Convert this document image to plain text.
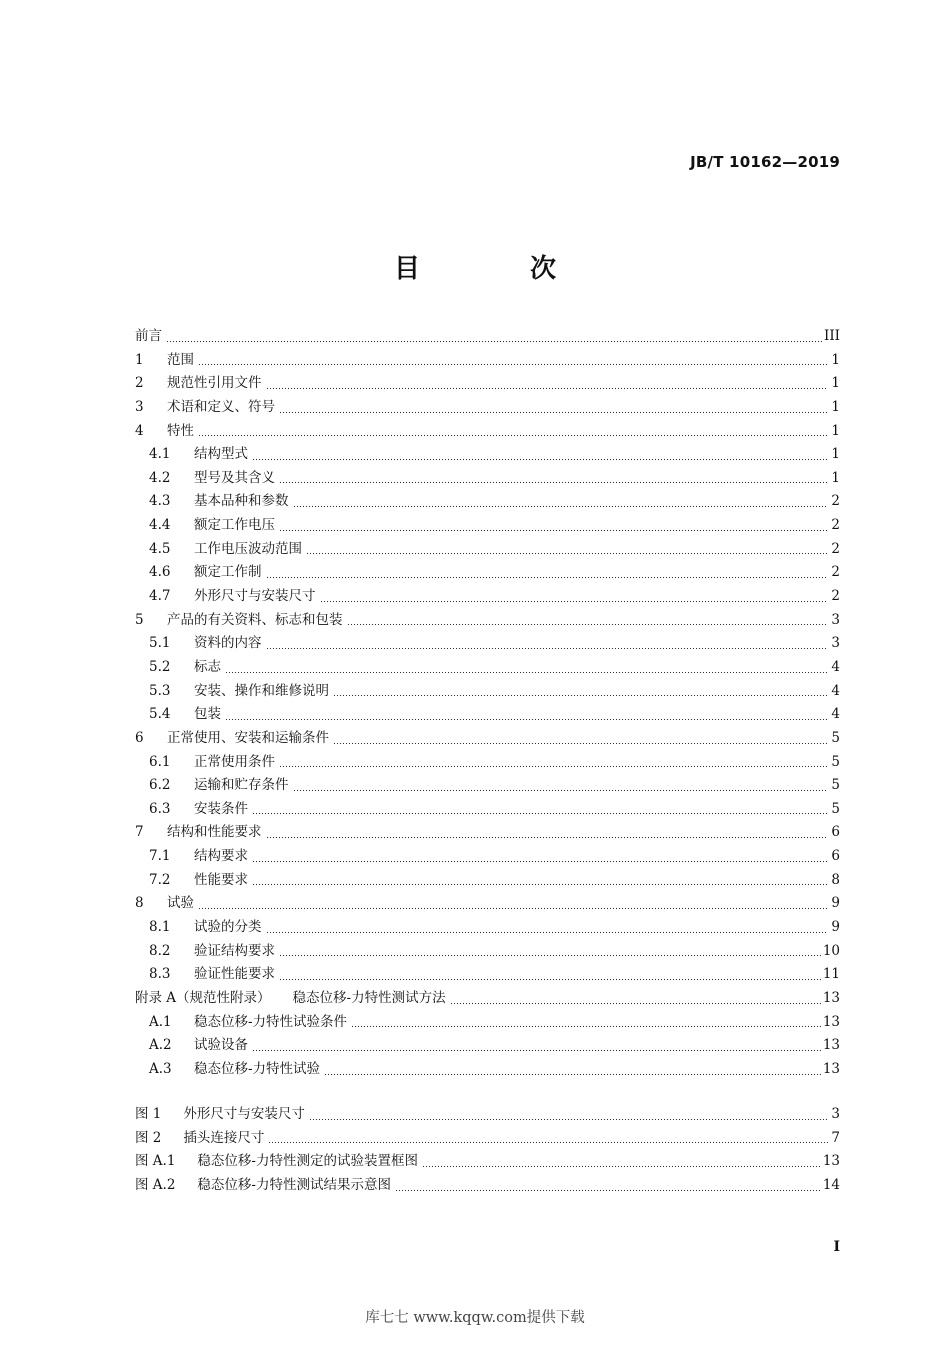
JB/T 10162—2019
目　次
前言	III
1	范围	1
2	规范性引用文件	1
3	术语和定义、符号	1
4	特性	1
4.1	结构型式	1
4.2	型号及其含义	1
4.3	基本品种和参数	2
4.4	额定工作电压	2
4.5	工作电压波动范围	2
4.6	额定工作制	2
4.7	外形尺寸与安装尺寸	2
5	产品的有关资料、标志和包装	3
5.1	资料的内容	3
5.2	标志	4
5.3	安装、操作和维修说明	4
5.4	包装	4
6	正常使用、安装和运输条件	5
6.1	正常使用条件	5
6.2	运输和贮存条件	5
6.3	安装条件	5
7	结构和性能要求	6
7.1	结构要求	6
7.2	性能要求	8
8	试验	9
8.1	试验的分类	9
8.2	验证结构要求	10
8.3	验证性能要求	11
附录 A（规范性附录） 稳态位移-力特性测试方法	13
A.1	稳态位移-力特性试验条件	13
A.2	试验设备	13
A.3	稳态位移-力特性试验	13
图 1 外形尺寸与安装尺寸	3
图 2 插头连接尺寸	7
图 A.1 稳态位移-力特性测定的试验装置框图	13
图 A.2 稳态位移-力特性测试结果示意图	14
I
库七七 www.kqqw.com提供下载
